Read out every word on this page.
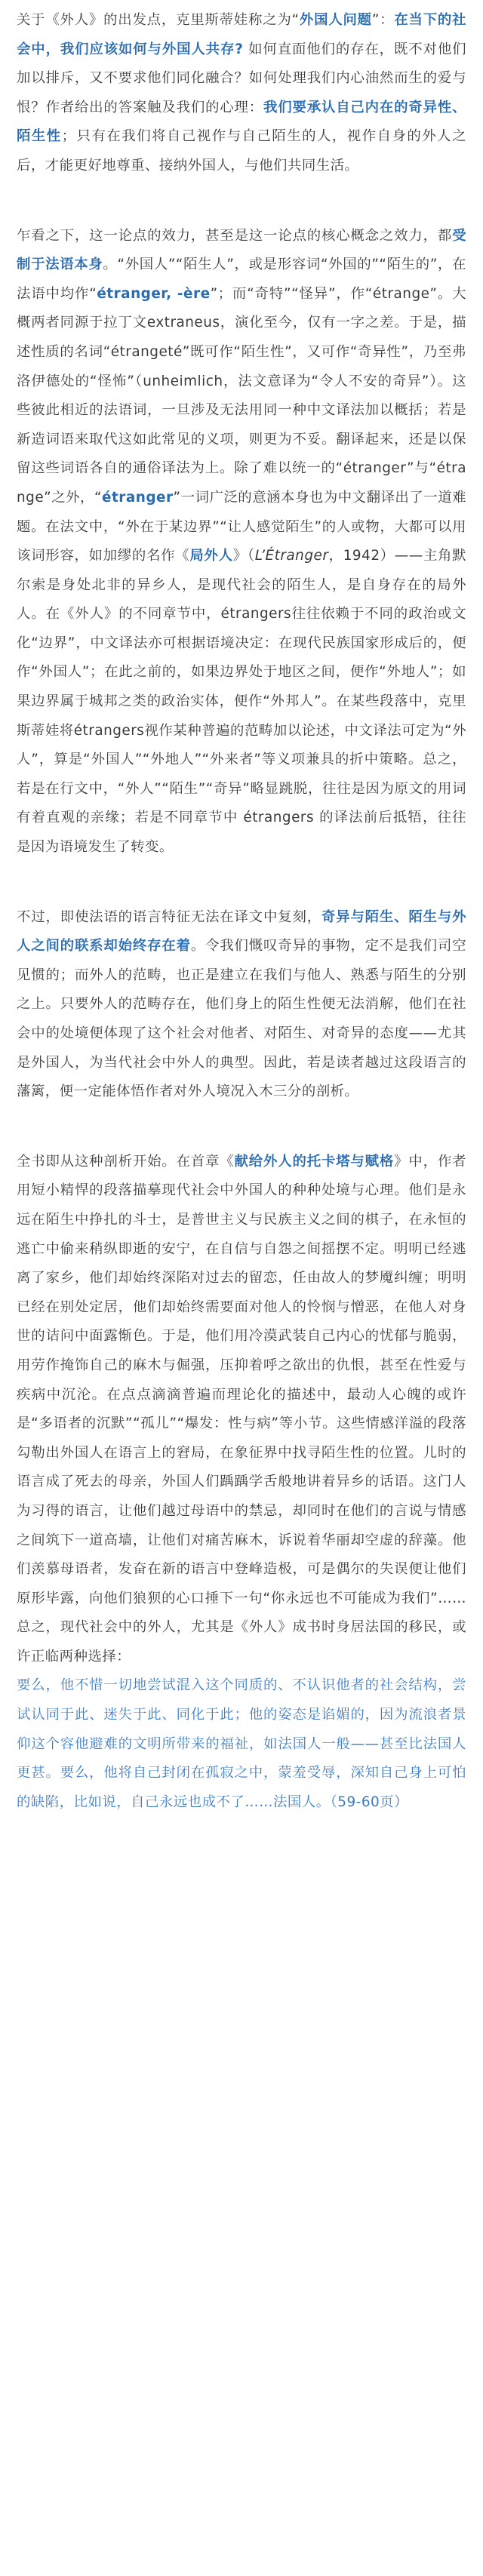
关于《外人》的出发点，克里斯蒂娃称之为“外国人问题”：在当下的社会中，我们应该如何与外国人共存? 如何直面他们的存在，既不对他们加以排斥，又不要求他们同化融合？如何处理我们内心油然而生的爱与恨？作者给出的答案触及我们的心理：我们要承认自己内在的奇异性、陌生性；只有在我们将自己视作与自己陌生的人，视作自身的外人之后，才能更好地尊重、接纳外国人，与他们共同生活。

乍看之下，这一论点的效力，甚至是这一论点的核心概念之效力，都受制于法语本身。“外国人”“陌生人”，或是形容词“外国的”“陌生的”，在法语中均作“étranger, -ère”；而“奇特”“怪异”，作“étrange”。大概两者同源于拉丁文extraneus，演化至今，仅有一字之差。于是，描述性质的名词“étrangeté”既可作“陌生性”，又可作“奇异性”，乃至弗洛伊德处的“怪怖”（unheimlich，法文意译为“令人不安的奇异”）。这些彼此相近的法语词，一旦涉及无法用同一种中文译法加以概括；若是新造词语来取代这如此常见的义项，则更为不妥。翻译起来，还是以保留这些词语各自的通俗译法为上。除了难以统一的“étranger”与“étrange”之外，“étranger”一词广泛的意涵本身也为中文翻译出了一道难题。在法文中，“外在于某边界”“让人感觉陌生”的人或物，大都可以用该词形容，如加缪的名作《局外人》（L’Étranger，1942）——主角默尔索是身处北非的异乡人，是现代社会的陌生人，是自身存在的局外人。在《外人》的不同章节中，étrangers往往依赖于不同的政治或文化“边界”，中文译法亦可根据语境决定：在现代民族国家形成后的，便作“外国人”；在此之前的，如果边界处于地区之间，便作“外地人”；如果边界属于城邦之类的政治实体，便作“外邦人”。在某些段落中，克里斯蒂娃将étrangers视作某种普遍的范畴加以论述，中文译法可定为“外人”，算是“外国人”“外地人”“外来者”等义项兼具的折中策略。总之，若是在行文中，“外人”“陌生”“奇异”略显跳脱，往往是因为原文的用词有着直观的亲缘；若是不同章节中 étrangers 的译法前后抵牾，往往是因为语境发生了转变。

不过，即使法语的语言特征无法在译文中复刻，奇异与陌生、陌生与外人之间的联系却始终存在着。令我们慨叹奇异的事物，定不是我们司空见惯的；而外人的范畴，也正是建立在我们与他人、熟悉与陌生的分别之上。只要外人的范畴存在，他们身上的陌生性便无法消解，他们在社会中的处境便体现了这个社会对他者、对陌生、对奇异的态度——尤其是外国人，为当代社会中外人的典型。因此，若是读者越过这段语言的藩篱，便一定能体悟作者对外人境况入木三分的剖析。

全书即从这种剖析开始。在首章《献给外人的托卡塔与赋格》中，作者用短小精悍的段落描摹现代社会中外国人的种种处境与心理。他们是永远在陌生中挣扎的斗士，是普世主义与民族主义之间的棋子，在永恒的逃亡中偷来稍纵即逝的安宁，在自信与自怨之间摇摆不定。明明已经逃离了家乡，他们却始终深陷对过去的留恋，任由故人的梦魇纠缠；明明已经在别处定居，他们却始终需要面对他人的怜悯与憎恶，在他人对身世的诘问中面露惭色。于是，他们用冷漠武装自己内心的忧郁与脆弱，用劳作掩饰自己的麻木与倔强，压抑着呼之欲出的仇恨，甚至在性爱与疾病中沉沦。在点点滴滴普遍而理论化的描述中，最动人心魄的或许是“多语者的沉默”“孤儿”“爆发：性与病”等小节。这些情感洋溢的段落勾勒出外国人在语言上的窘局，在象征界中找寻陌生性的位置。儿时的语言成了死去的母亲，外国人们踽踽学舌般地讲着异乡的话语。这门人为习得的语言，让他们越过母语中的禁忌，却同时在他们的言说与情感之间筑下一道高墙，让他们对痛苦麻木，诉说着华丽却空虚的辞藻。他们羡慕母语者，发奋在新的语言中登峰造极，可是偶尔的失误便让他们原形毕露，向他们狼狈的心口捶下一句“你永远也不可能成为我们”……总之，现代社会中的外人，尤其是《外人》成书时身居法国的移民，或许正临两种选择：
要么，他不惜一切地尝试混入这个同质的、不认识他者的社会结构，尝试认同于此、迷失于此、同化于此；他的姿态是谄媚的，因为流浪者景仰这个容他避难的文明所带来的福祉，如法国人一般——甚至比法国人更甚。要么，他将自己封闭在孤寂之中，蒙羞受辱，深知自己身上可怕的缺陷，比如说，自己永远也成不了……法国人。（59-60页）
